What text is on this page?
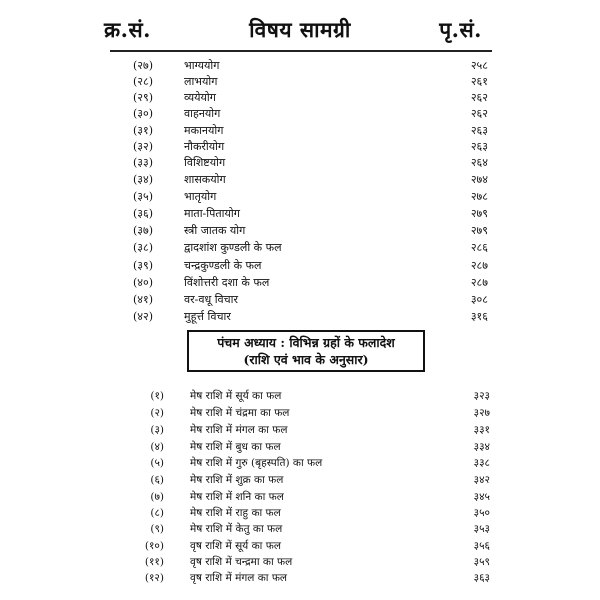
क्र.सं.	विषय सामग्री	पृ.सं.
(२७)	भाग्ययोग	२५८
(२८)	लाभयोग	२६१
(२९)	व्ययेयोग	२६२
(३०)	वाहनयोग	२६२
(३१)	मकानयोग	२६३
(३२)	नौकरीयोग	२६३
(३३)	विशिष्टयोग	२६४
(३४)	शासकयोग	२७४
(३५)	भातृयोग	२७८
(३६)	माता-पितायोग	२७९
(३७)	स्त्री जातक योग	२७९
(३८)	द्वादशांश कुण्डली के फल	२८६
(३९)	चन्द्रकुण्डली के फल	२८७
(४०)	विंशोत्तरी दशा के फल	२८७
(४१)	वर-वधू विचार	३०८
(४२)	मुहूर्त्त विचार	३१६
पंचम अध्याय : विभिन्न ग्रहों के फलादेश
(राशि एवं भाव के अनुसार)
(१) मेष राशि में सूर्य का फल	३२३
(२) मेष राशि में चंद्रमा का फल	३२७
(३) मेष राशि में मंगल का फल	३३१
(४) मेष राशि में बुध का फल	३३४
(५) मेष राशि में गुरु (बृहस्पति) का फल	३३८
(६) मेष राशि में शुक्र का फल	३४२
(७) मेष राशि में शनि का फल	३४५
(८) मेष राशि में राहु का फल	३५०
(९) मेष राशि में केतु का फल	३५३
(१०) वृष राशि में सूर्य का फल	३५६
(११) वृष राशि में चन्द्रमा का फल	३५९
(१२) वृष राशि में मंगल का फल	३६३
